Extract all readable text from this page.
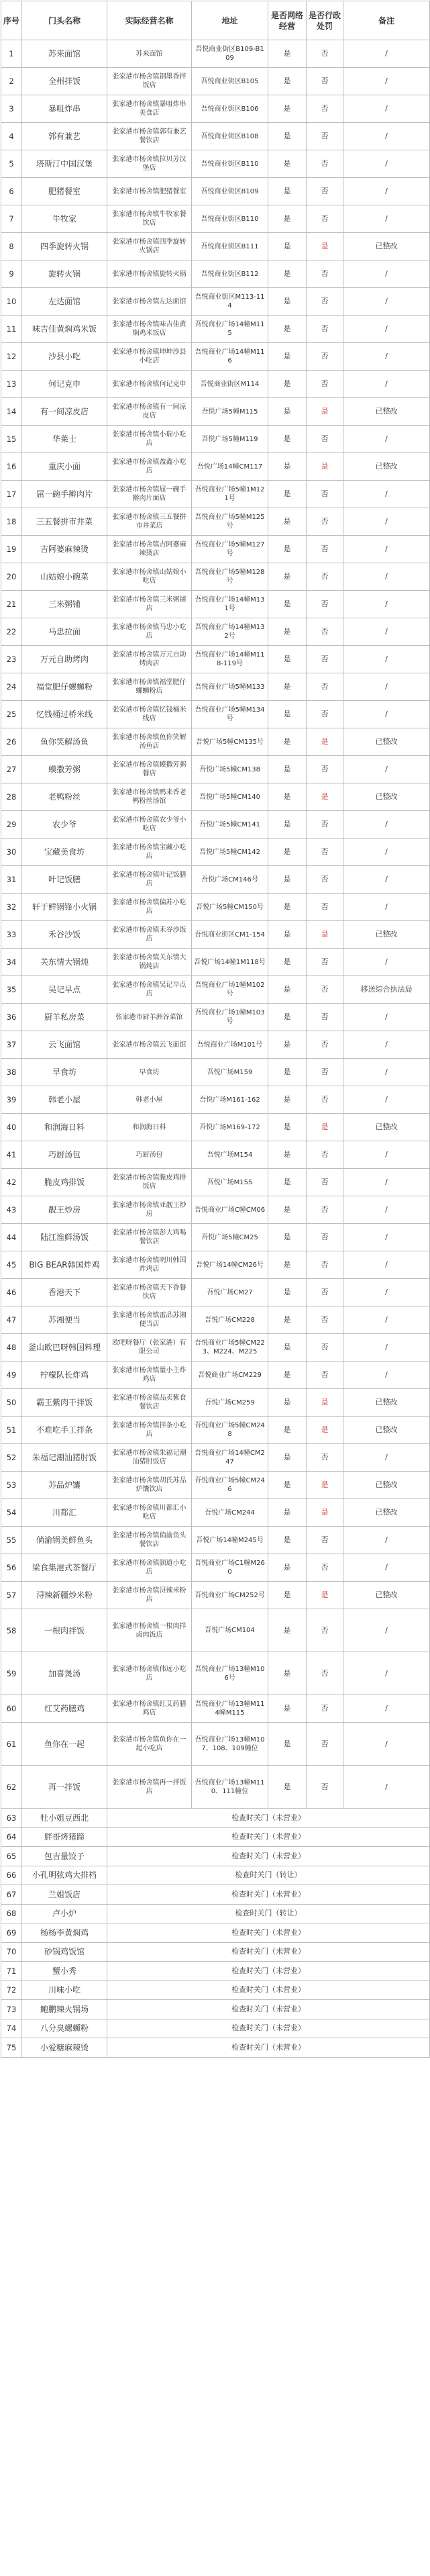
序号	门头名称	实际经营名称	地址	是否网络经营	是否行政处罚	备注
1	苏来面馆	苏来面馆	吾悦商业街区B109-B109	是	否	/
2	全州拌饭	张家港市杨舍镇钢墨香拌饭店	吾悦商业街区B105	是	否	/
3	暴咀炸串	张家港市杨舍镇暴咀炸串美食店	吾悦商业街区B106	是	否	/
4	郭有兼艺	张家港市杨舍镇郭有兼艺餐饮店	吾悦商业街区B108	是	否	/
5	塔斯汀中国汉堡	张家港市杨舍镇拉贝芳汉堡店	吾悦商业街区B110	是	否	/
6	肥猪餐室	张家港市杨舍镇肥猪餐室	吾悦商业街区B109	是	否	/
7	牛牧家	张家港市杨舍镇牛牧家餐饮店	吾悦商业街区B110	是	否	/
8	四季旋转火锅	张家港市杨舍镇四季旋转火锅店	吾悦商业街区B111	是	是	已整改
9	旋转火锅	张家港市杨舍镇旋转火锅	吾悦商业街区B112	是	否	/
10	左达面馆	张家港市杨舍镇左达面馆	吾悦商业街区M113-114	是	否	/
11	味吉佳黄焖鸡米饭	张家港市杨舍镇味吉佳黄焖鸡米饭店	吾悦商业广场14幢M115	是	否	/
12	沙县小吃	张家港市杨舍镇坤坤沙县小吃店	吾悦商业广场14幢M116	是	否	/
13	何记克申	张家港市杨舍镇何记克申	吾悦商业街区M114	是	否	/
14	有一间凉皮店	张家港市杨舍镇有一间凉皮店	吾悦广场5幢M115	是	是	已整改
15	华莱士	张家港市杨舍镇小瑞小吃店	吾悦广场5幢M119	是	否	/
16	重庆小面	张家港市杨舍镇盈鑫小吃店	吾悦广场14幢CM117	是	是	已整改
17	屈一碗手擀肉片	张家港市杨舍镇屈一碗手擀肉片面店	吾悦商业广场5幢1M121号	是	否	/
18	三五餐拼市井菜	张家港市杨舍镇三五餐拼市井菜店	吾悦商业广场5幢M125号	是	否	/
19	吉阿婆麻辣烫	张家港市杨舍镇吉阿婆麻辣烫店	吾悦商业广场5幢M127号	是	否	/
20	山姑娘小碗菜	张家港市杨舍镇山姑娘小吃店	吾悦商业广场5幢M128号	是	否	/
21	三米粥铺	张家港市杨舍镇三米粥铺店	吾悦商业广场14幢M131号	是	否	/
22	马忠拉面	张家港市杨舍镇马忠小吃店	吾悦商业广场14幢M132号	是	否	/
23	万元自助烤肉	张家港市杨舍镇万元自助烤肉店	吾悦商业广场14幢M118-119号	是	否	/
24	福堂肥仔螺蛳粉	张家港市杨舍镇福堂肥仔螺蛳粉店	吾悦商业广场5幢M133	是	否	/
25	忆钱桶过桥米线	张家港市杨舍镇忆钱桶米线店	吾悦商业广场5幢M134号	是	否	/
26	鱼你笑解汤鱼	张家港市杨舍镇鱼你笑解汤鱼店	吾悦广场5幢CM135号	是	是	已整改
27	蟆撒芳粥	张家港市杨舍镇蟆撒芳粥餐店	吾悦广场5幢CM138	是	否	/
28	老鸭粉丝	张家港市杨舍镇鸭来香老鸭粉丝汤馆	吾悦广场5幢CM140	是	是	已整改
29	农少爷	张家港市杨舍镇农少爷小吃店	吾悦广场5幢CM141	是	否	/
30	宝藏美食坊	张家港市杨舍镇宝藏小吃店	吾悦广场5幢CM142	是	否	/
31	叶记饭膳	张家港市杨舍镇叶记饭膳店	吾悦广场CM146号	是	否	/
32	轩于鲜锅锋小火锅	张家港市杨舍镇偏苏小吃店	吾悦广场5幢CM150号	是	否	/
33	禾谷沙饭	张家港市杨舍镇禾谷沙饭店	吾悦商业街区CM1-154	是	是	已整改
34	关东情大锅炖	张家港市杨舍镇关东情大锅炖店	吾悦广场14幢1M118号	是	否	/
35	吴记早点	张家港市杨舍镇吴记早点店	吾悦商业广场1幢M102号	是	否	移送综合执法局
36	厨羊私房菜	张家港市厨羊洲谷菜馆	吾悦商业广场1幢M103号	是	否	/
37	云飞面馆	张家港市杨舍镇云飞面馆	吾悦商业广场M101号	是	否	/
38	早食坊	早食坊	吾悦广场M159	是	否	/
39	韩老小屋	韩老小屋	吾悦广场M161-162	是	否	/
40	和润海日料	和润海日料	吾悦广场M169-172	是	是	已整改
41	巧厨汤包	巧厨汤包	吾悦广场M154	是	否	/
42	脆皮鸡排饭	张家港市杨舍镇脆皮鸡排饭店	吾悦广场M155	是	否	/
43	靓王炒房	张家港市杨舍镇亚靓王炒房	吾悦商业广场C幢CM06	是	否	/
44	陆江淮鲜汤饭	张家港市杨舍镇彭大鸡喝餐饮店	吾悦广场5幢CM25	是	否	/
45	BIG BEAR韩国炸鸡	张家港市杨舍镇明川韩国炸鸡店	吾悦广场14幢CM26号	是	否	/
46	香港天下	张家港市杨舍镇天下香餐饮店	吾悦广场CM27	是	否	/
47	苏湘便当	张家港市杨舍镇雷品苏湘便当店	吾悦广场CM228	是	否	/
48	釜山欧巴呀韩国料理	欧吧呀餐厅（张家港）有限公司	吾悦商业广场5幢CM223、M224、M225	是	否	/
49	柠檬队长炸鸡	张家港市杨舍镇量小主炸鸡店	吾悦商业广场CM229	是	否	/
50	霸王紫肉干拌饭	张家港市杨舍镇品卖紫食餐饮店	吾悦广场CM259	是	是	已整改
51	不难吃手工拌条	张家港市杨舍镇拌条小吃店	吾悦商业广场5幢CM248	是	是	已整改
52	朱福记潮汕猪肘饭	张家港市杨舍镇朱福记潮汕猪肘饭店	吾悦商业广场14幢CM247	是	否	/
53	苏品炉馕	张家港市杨舍镇胡氏苏品炉馕饮店	吾悦商业广场5幢CM246	是	是	已整改
54	川都汇	张家港市杨舍镇川都汇小吃店	吾悦广场CM244	是	是	已整改
55	倘渝锅美鲜鱼头	张家港市杨舍镇倘渝鱼头餐饮店	吾悦广场14幢M245号	是	否	/
56	梁食集港式茶餐厅	张家港市杨舍镇颢道小吃店	吾悦商业广场C1幢M260	是	否	/
57	浔辣新疆炒米粉	张家港市杨舍镇浔辣米粉店	吾悦商业广场CM252号	是	是	已整改
58	一根肉拌饭	张家港市杨舍镇一根肉拌卤肉饭店	吾悦广场CM104	是	否	/
59	加喜煲汤	张家港市杨舍镇伟远小吃店	吾悦商业广场13幢M106号	是	否	/
60	红艾药膳鸡	张家港市杨舍镇红艾药膳鸡店	吾悦商业广场13幢M114幢M115	是	否	/
61	鱼你在一起	张家港市杨舍镇鱼你在一起小吃店	吾悦商业广场13幢M107、108、109幢位	是	否	/
62	再一拌饭	张家港市杨舍镇再一拌饭店	吾悦商业广场13幢M110、111幢位	是	否	/
63	牡小姐豆西北	检查时关门（未营业）				
64	胖哥烤猪蹄	检查时关门（未营业）				
65	包吉量饺子	检查时关门（未营业）				
66	小孔明弦鸡大排档	检查时关门（转让）				
67	兰姐饭店	检查时关门（未营业）				
68	卢小炉	检查时关门（转让）				
69	杨杨李黄焖鸡	检查时关门（未营业）				
70	砂锅鸡饭馆	检查时关门（未营业）				
71	蟹小秀	检查时关门（未营业）				
72	川味小吃	检查时关门（未营业）				
73	鲍鹏辣火锅场	检查时关门（未营业）				
74	八分臭螺蛳粉	检查时关门（未营业）				
75	小爱糖麻辣烫	检查时关门（未营业）				
